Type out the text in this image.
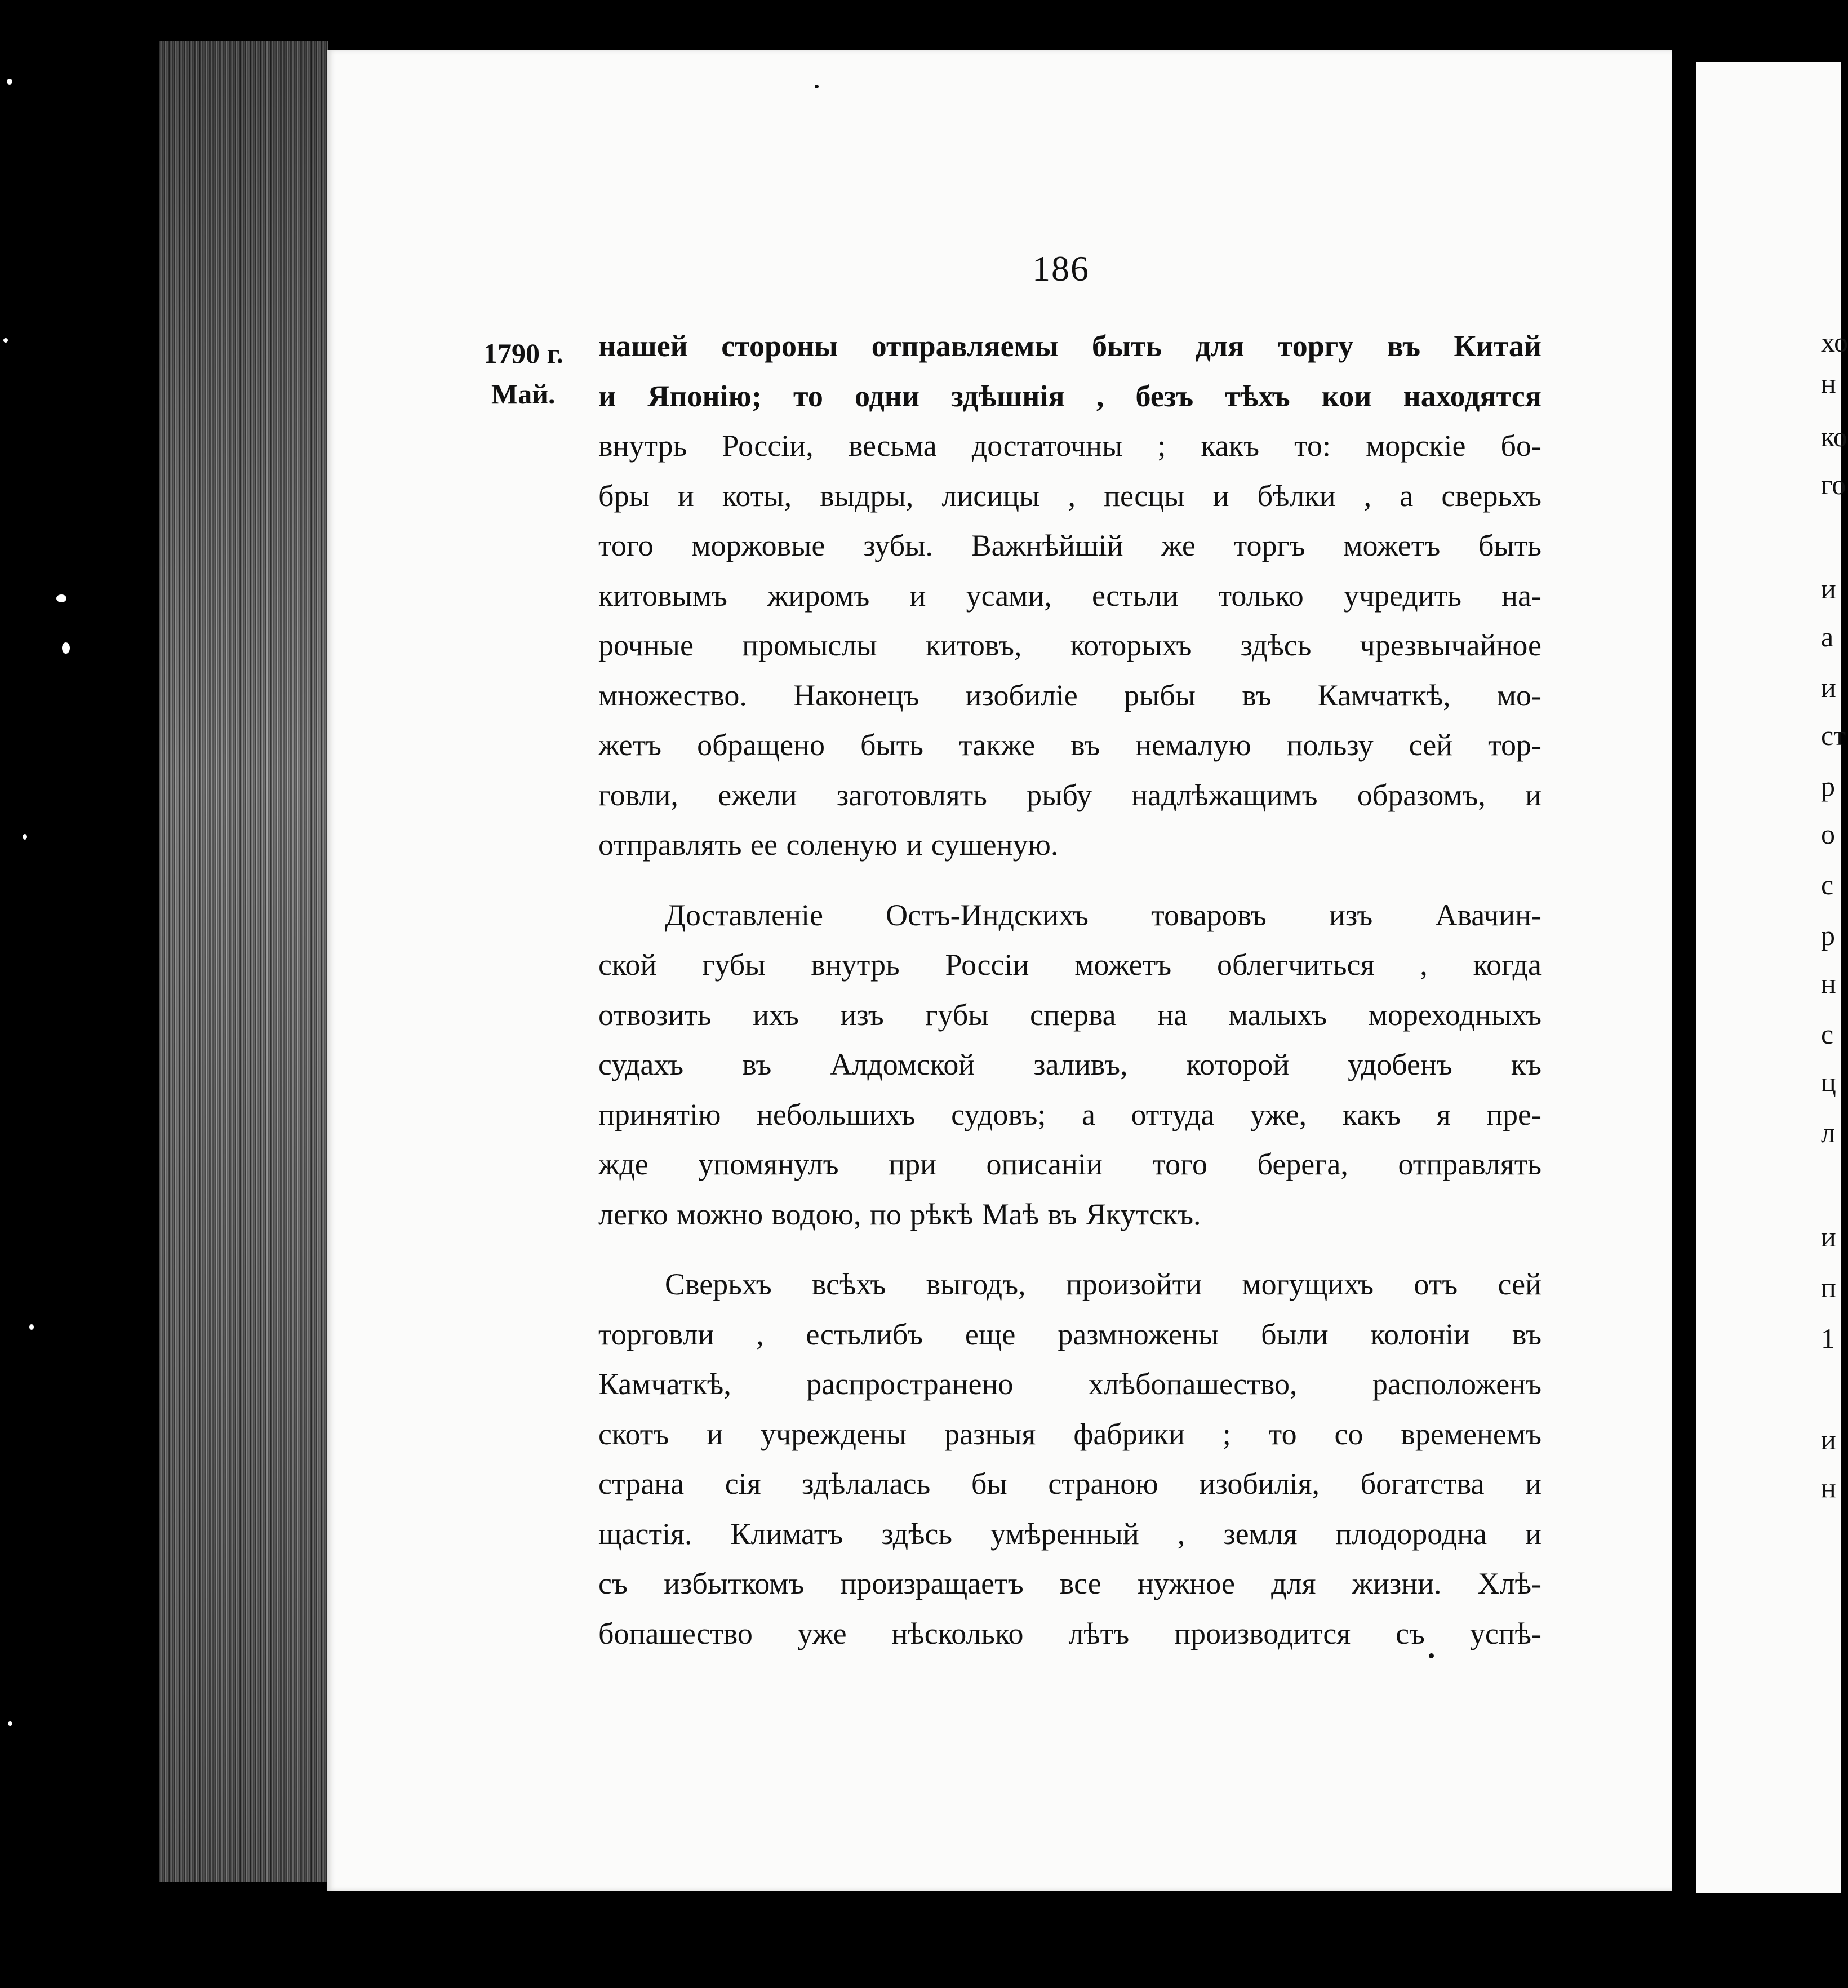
хо
н
ко
го
и
а
и
ст
р
о
с
р
н
с
ц
л
и
п
1
и
н
186
1790 г.
Май.
нашей стороны отправляемы быть для торгу въ Китай
и Японію; то одни здѣшнія , безъ тѣхъ кои находятся
внутрь Россіи, весьма достаточны ; какъ то: морскіе бо-
бры и коты, выдры, лисицы , песцы и бѣлки , а сверьхъ
того моржовые зубы. Важнѣйшій же торгъ можетъ быть
китовымъ жиромъ и усами, естьли только учредить на-
рочные промыслы китовъ, которыхъ здѣсь чрезвычайное
множество. Наконецъ изобиліе рыбы въ Камчаткѣ, мо-
жетъ обращено быть также въ немалую пользу сей тор-
говли, ежели заготовлять рыбу надлѣжащимъ образомъ, и
отправлять ее соленую и сушеную.
Доставленіе Остъ-Индскихъ товаровъ изъ Авачин-
ской губы внутрь Россіи можетъ облегчиться , когда
отвозить ихъ изъ губы сперва на малыхъ мореходныхъ
судахъ въ Алдомской заливъ, которой удобенъ къ
принятію небольшихъ судовъ; а оттуда уже, какъ я пре-
жде упомянулъ при описаніи того берега, отправлять
легко можно водою, по рѣкѣ Маѣ въ Якутскъ.
Сверьхъ всѣхъ выгодъ, произойти могущихъ отъ сей
торговли , естьлибъ еще размножены были колоніи въ
Камчаткѣ, распространено хлѣбопашество, расположенъ
скотъ и учреждены разныя фабрики ; то со временемъ
страна сія здѣлалась бы страною изобилія, богатства и
щастія. Климатъ здѣсь умѣренный , земля плодородна и
съ избыткомъ произращаетъ все нужное для жизни. Хлѣ-
бопашество уже нѣсколько лѣтъ производится съ успѣ-
